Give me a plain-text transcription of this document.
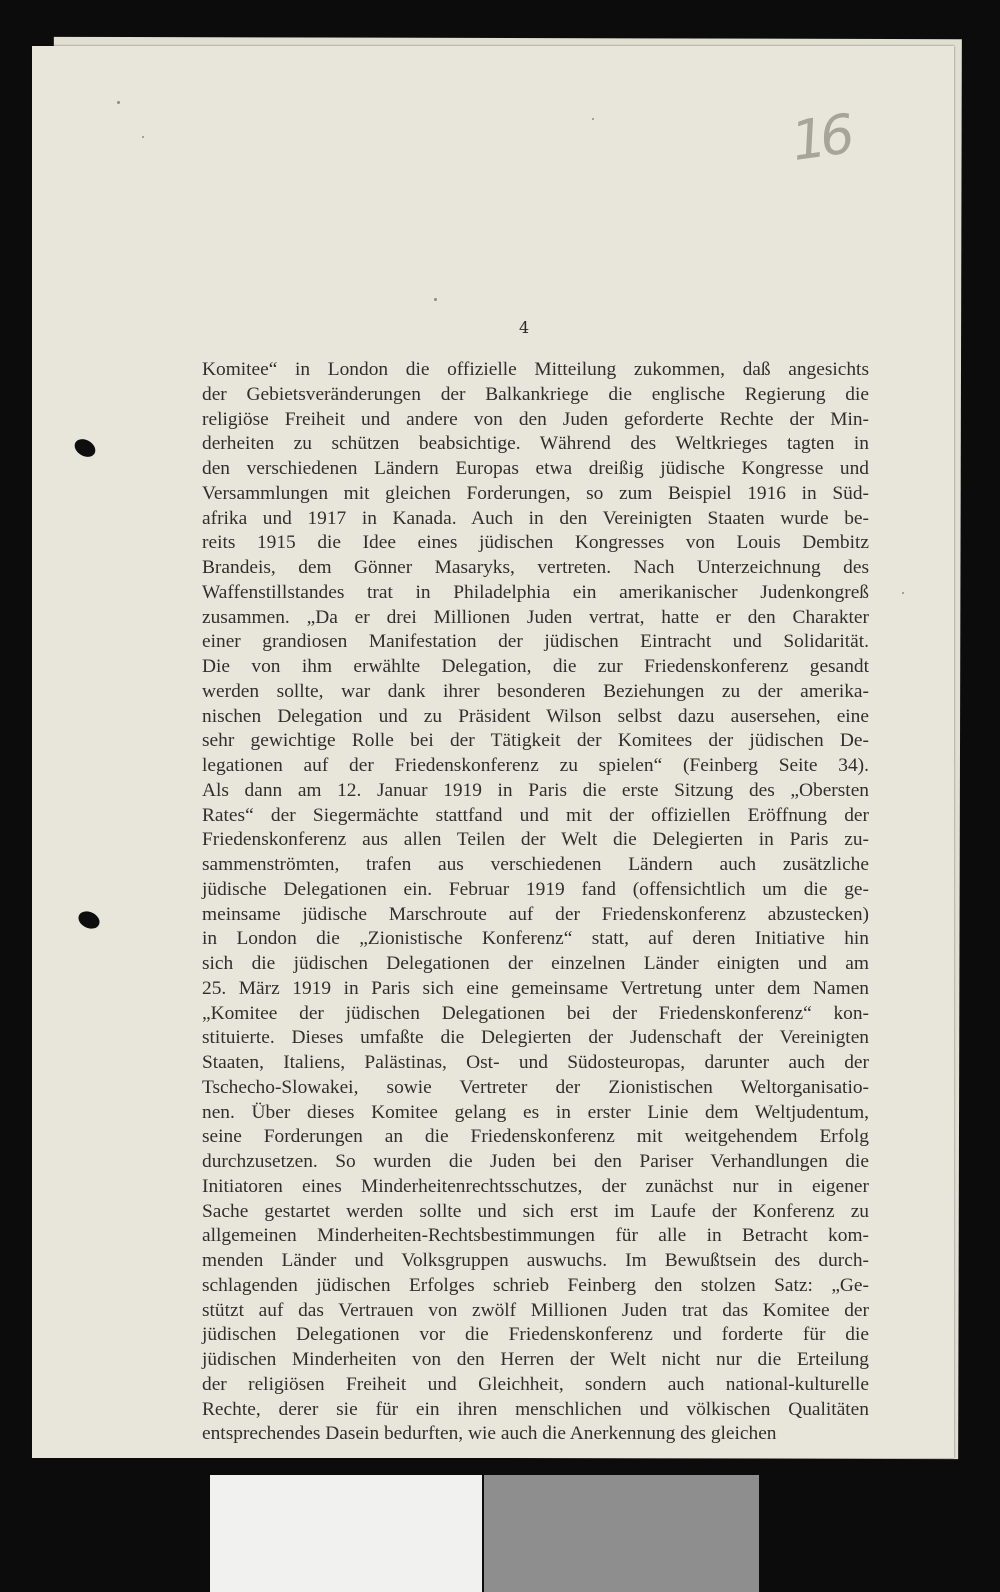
16
4
Komitee“ in London die offizielle Mitteilung zukommen, daß angesichts
der Gebietsveränderungen der Balkankriege die englische Regierung die
religiöse Freiheit und andere von den Juden geforderte Rechte der Min-
derheiten zu schützen beabsichtige. Während des Weltkrieges tagten in
den verschiedenen Ländern Europas etwa dreißig jüdische Kongresse und
Versammlungen mit gleichen Forderungen, so zum Beispiel 1916 in Süd-
afrika und 1917 in Kanada. Auch in den Vereinigten Staaten wurde be-
reits 1915 die Idee eines jüdischen Kongresses von Louis Dembitz
Brandeis, dem Gönner Masaryks, vertreten. Nach Unterzeichnung des
Waffenstillstandes trat in Philadelphia ein amerikanischer Judenkongreß
zusammen. „Da er drei Millionen Juden vertrat, hatte er den Charakter
einer grandiosen Manifestation der jüdischen Eintracht und Solidarität.
Die von ihm erwählte Delegation, die zur Friedenskonferenz gesandt
werden sollte, war dank ihrer besonderen Beziehungen zu der amerika-
nischen Delegation und zu Präsident Wilson selbst dazu ausersehen, eine
sehr gewichtige Rolle bei der Tätigkeit der Komitees der jüdischen De-
legationen auf der Friedenskonferenz zu spielen“ (Feinberg Seite 34).
Als dann am 12. Januar 1919 in Paris die erste Sitzung des „Obersten
Rates“ der Siegermächte stattfand und mit der offiziellen Eröffnung der
Friedenskonferenz aus allen Teilen der Welt die Delegierten in Paris zu-
sammenströmten, trafen aus verschiedenen Ländern auch zusätzliche
jüdische Delegationen ein. Februar 1919 fand (offensichtlich um die ge-
meinsame jüdische Marschroute auf der Friedenskonferenz abzustecken)
in London die „Zionistische Konferenz“ statt, auf deren Initiative hin
sich die jüdischen Delegationen der einzelnen Länder einigten und am
25. März 1919 in Paris sich eine gemeinsame Vertretung unter dem Namen
„Komitee der jüdischen Delegationen bei der Friedenskonferenz“ kon-
stituierte. Dieses umfaßte die Delegierten der Judenschaft der Vereinigten
Staaten, Italiens, Palästinas, Ost- und Südosteuropas, darunter auch der
Tschecho-Slowakei, sowie Vertreter der Zionistischen Weltorganisatio-
nen. Über dieses Komitee gelang es in erster Linie dem Weltjudentum,
seine Forderungen an die Friedenskonferenz mit weitgehendem Erfolg
durchzusetzen. So wurden die Juden bei den Pariser Verhandlungen die
Initiatoren eines Minderheitenrechtsschutzes, der zunächst nur in eigener
Sache gestartet werden sollte und sich erst im Laufe der Konferenz zu
allgemeinen Minderheiten-Rechtsbestimmungen für alle in Betracht kom-
menden Länder und Volksgruppen auswuchs. Im Bewußtsein des durch-
schlagenden jüdischen Erfolges schrieb Feinberg den stolzen Satz: „Ge-
stützt auf das Vertrauen von zwölf Millionen Juden trat das Komitee der
jüdischen Delegationen vor die Friedenskonferenz und forderte für die
jüdischen Minderheiten von den Herren der Welt nicht nur die Erteilung
der religiösen Freiheit und Gleichheit, sondern auch national-kulturelle
Rechte, derer sie für ein ihren menschlichen und völkischen Qualitäten
entsprechendes Dasein bedurften, wie auch die Anerkennung des gleichen
